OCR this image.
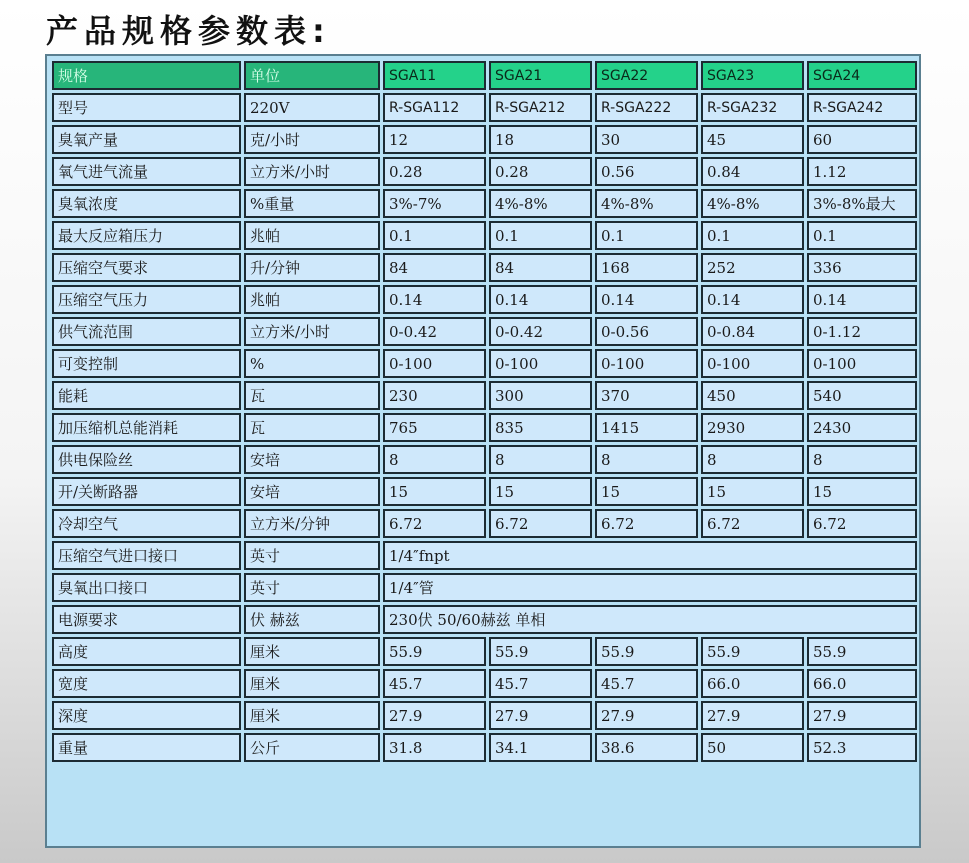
产品规格参数表:
规格	单位	SGA11	SGA21	SGA22	SGA23	SGA24
型号	220V	R-SGA112	R-SGA212	R-SGA222	R-SGA232	R-SGA242
臭氧产量	克/小时	12	18	30	45	60
氧气进气流量	立方米/小时	0.28	0.28	0.56	0.84	1.12
臭氧浓度	%重量	3%-7%	4%-8%	4%-8%	4%-8%	3%-8%最大
最大反应箱压力	兆帕	0.1	0.1	0.1	0.1	0.1
压缩空气要求	升/分钟	84	84	168	252	336
压缩空气压力	兆帕	0.14	0.14	0.14	0.14	0.14
供气流范围	立方米/小时	0-0.42	0-0.42	0-0.56	0-0.84	0-1.12
可变控制	%	0-100	0-100	0-100	0-100	0-100
能耗	瓦	230	300	370	450	540
加压缩机总能消耗	瓦	765	835	1415	2930	2430
供电保险丝	安培	8	8	8	8	8
开/关断路器	安培	15	15	15	15	15
冷却空气	立方米/分钟	6.72	6.72	6.72	6.72	6.72
压缩空气进口接口	英寸	1/4″fnpt				
臭氧出口接口	英寸	1/4″管				
电源要求	伏 赫兹	230伏 50/60赫兹 单相				
高度	厘米	55.9	55.9	55.9	55.9	55.9
宽度	厘米	45.7	45.7	45.7	66.0	66.0
深度	厘米	27.9	27.9	27.9	27.9	27.9
重量	公斤	31.8	34.1	38.6	50	52.3
